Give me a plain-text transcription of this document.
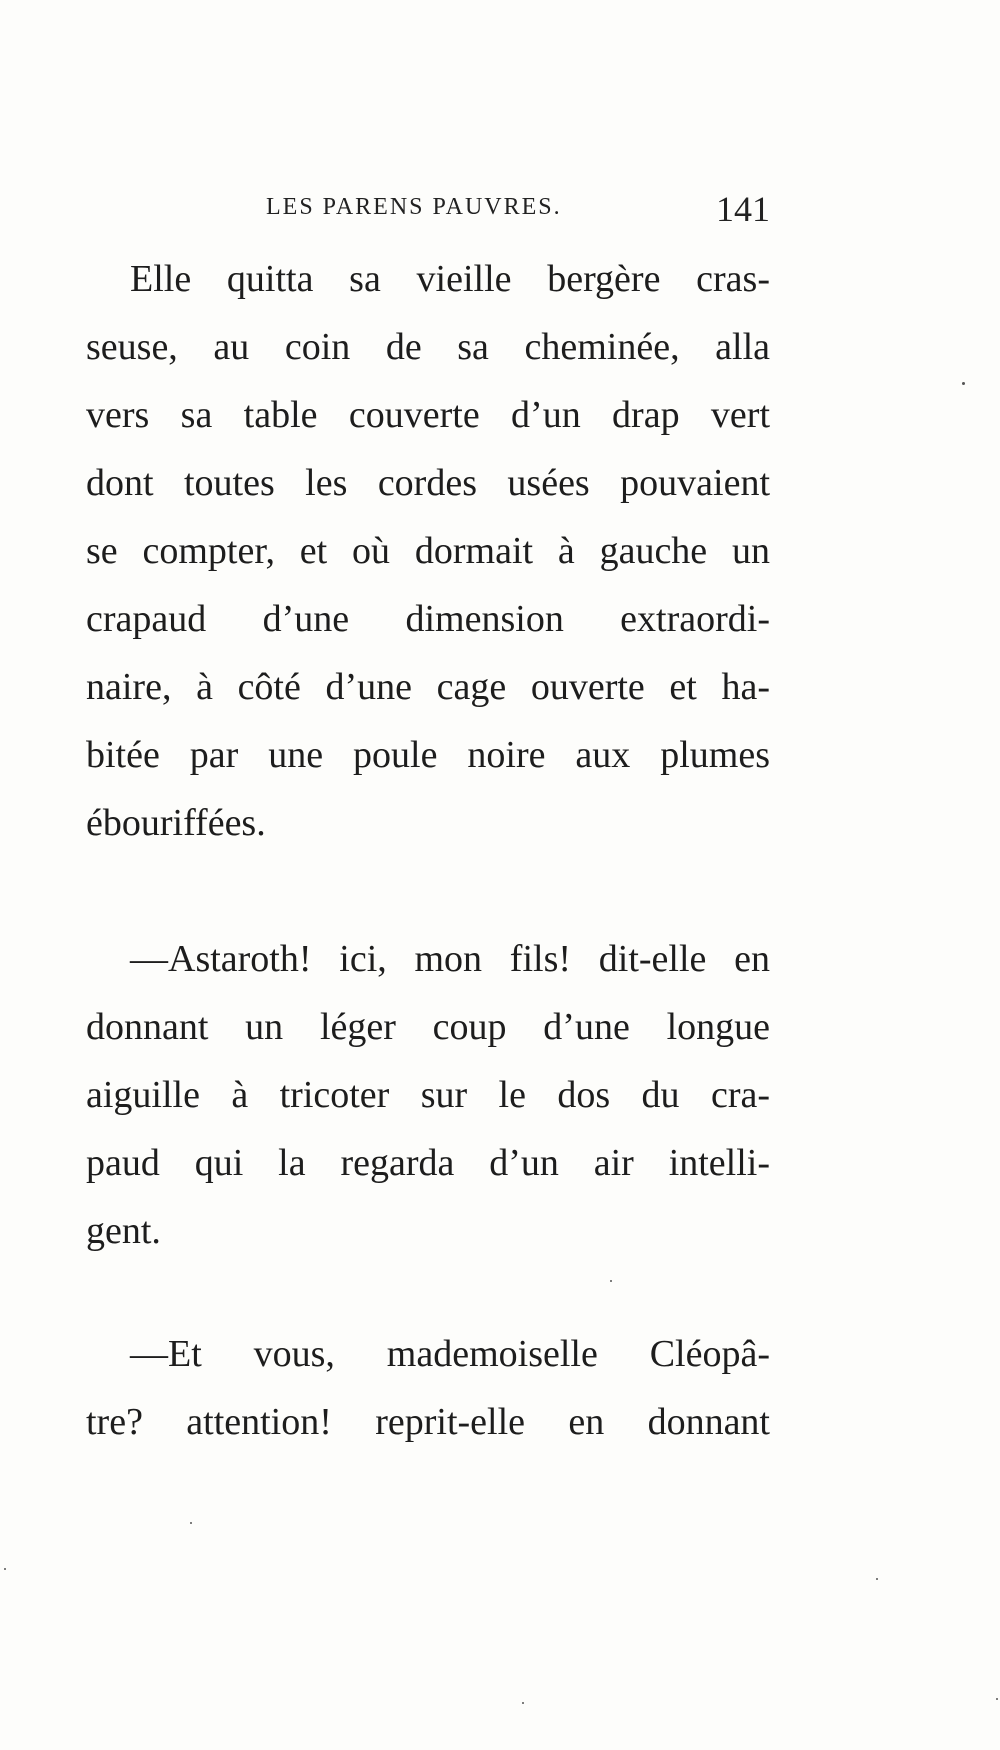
LES PARENS PAUVRES.	141
Elle quitta sa vieille bergère cras-
seuse, au coin de sa cheminée, alla
vers sa table couverte d’un drap vert
dont toutes les cordes usées pouvaient
se compter, et où dormait à gauche un
crapaud d’une dimension extraordi-
naire, à côté d’une cage ouverte et ha-
bitée par une poule noire aux plumes
ébouriffées.
—Astaroth! ici, mon fils! dit-elle en
donnant un léger coup d’une longue
aiguille à tricoter sur le dos du cra-
paud qui la regarda d’un air intelli-
gent.
—Et vous, mademoiselle Cléopâ-
tre? attention! reprit-elle en donnant
